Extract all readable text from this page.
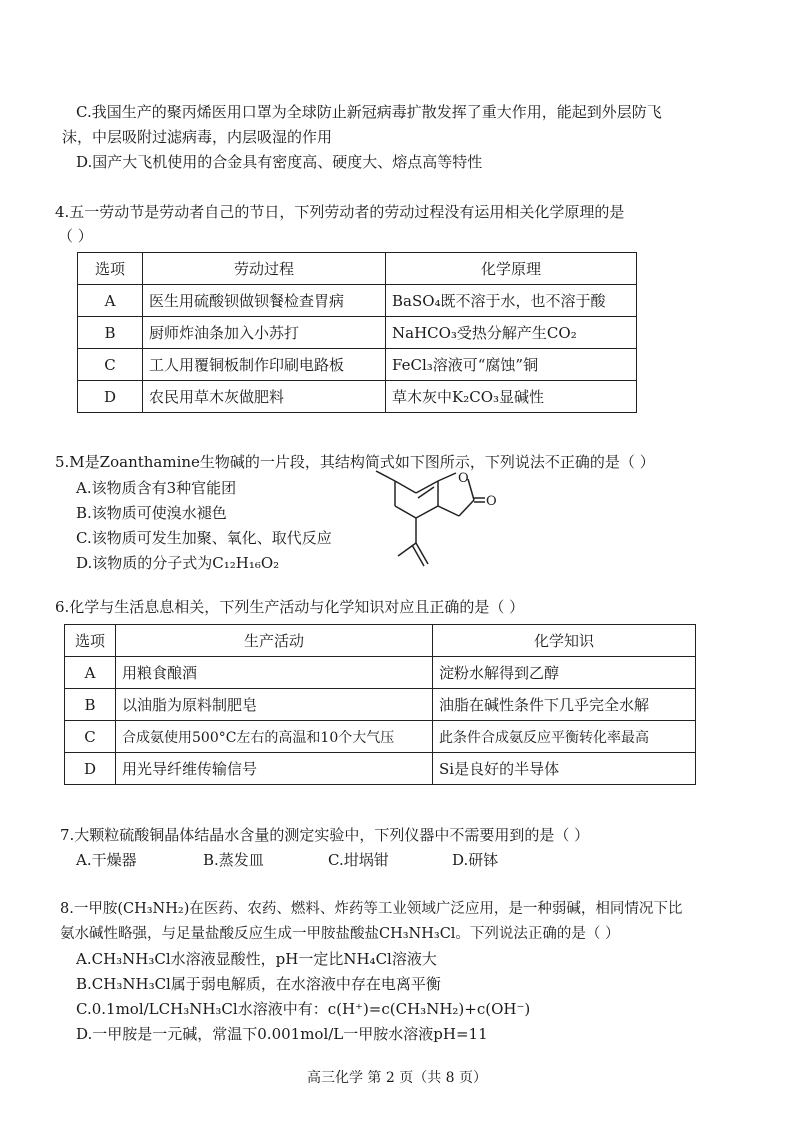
C.我国生产的聚丙烯医用口罩为全球防止新冠病毒扩散发挥了重大作用，能起到外层防飞
沫，中层吸附过滤病毒，内层吸湿的作用
D.国产大飞机使用的合金具有密度高、硬度大、熔点高等特性
4.五一劳动节是劳动者自己的节日，下列劳动者的劳动过程没有运用相关化学原理的是
（ ）
选项	劳动过程	化学原理
A	医生用硫酸钡做钡餐检查胃病	BaSO₄既不溶于水，也不溶于酸
B	厨师炸油条加入小苏打	NaHCO₃受热分解产生CO₂
C	工人用覆铜板制作印刷电路板	FeCl₃溶液可“腐蚀”铜
D	农民用草木灰做肥料	草木灰中K₂CO₃显碱性
5.M是Zoanthamine生物碱的一片段，其结构简式如下图所示，下列说法不正确的是（ ）
A.该物质含有3种官能团
B.该物质可使溴水褪色
C.该物质可发生加聚、氧化、取代反应
D.该物质的分子式为C₁₂H₁₆O₂
O
O
6.化学与生活息息相关，下列生产活动与化学知识对应且正确的是（ ）
选项	生产活动	化学知识
A	用粮食酿酒	淀粉水解得到乙醇
B	以油脂为原料制肥皂	油脂在碱性条件下几乎完全水解
C	合成氨使用500°C左右的高温和10个大气压	此条件合成氨反应平衡转化率最高
D	用光导纤维传输信号	Si是良好的半导体
7.大颗粒硫酸铜晶体结晶水含量的测定实验中，下列仪器中不需要用到的是（ ）
A.干燥器	B.蒸发皿	C.坩埚钳	D.研钵
8.一甲胺(CH₃NH₂)在医药、农药、燃料、炸药等工业领域广泛应用，是一种弱碱，相同情况下比
氨水碱性略强，与足量盐酸反应生成一甲胺盐酸盐CH₃NH₃Cl。下列说法正确的是（ ）
A.CH₃NH₃Cl水溶液显酸性，pH一定比NH₄Cl溶液大
B.CH₃NH₃Cl属于弱电解质，在水溶液中存在电离平衡
C.0.1mol/LCH₃NH₃Cl水溶液中有：c(H⁺)=c(CH₃NH₂)+c(OH⁻)
D.一甲胺是一元碱，常温下0.001mol/L一甲胺水溶液pH=11
高三化学 第 2 页（共 8 页）
